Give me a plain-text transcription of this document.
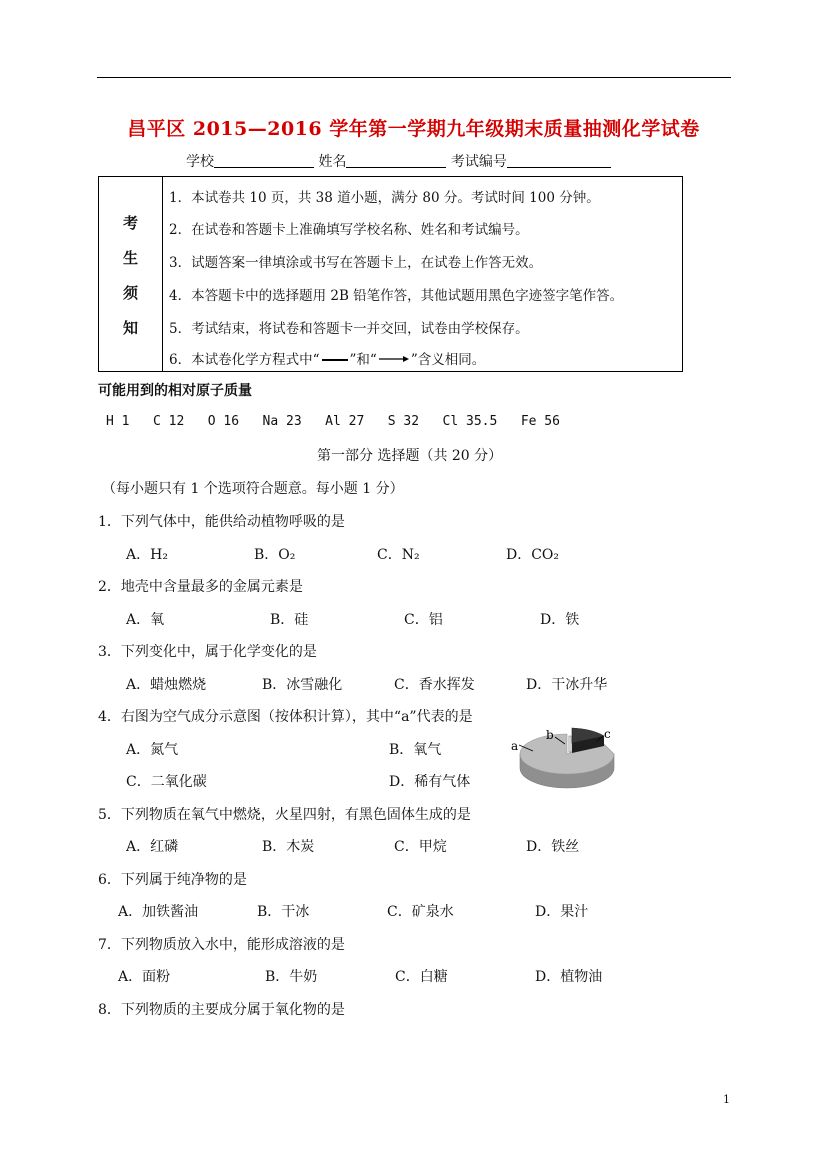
昌平区 2015—2016 学年第一学期九年级期末质量抽测化学试卷
学校	姓名	考试编号
考
生
须
知
1．本试卷共 10 页，共 38 道小题，满分 80 分。考试时间 100 分钟。
2．在试卷和答题卡上准确填写学校名称、姓名和考试编号。
3．试题答案一律填涂或书写在答题卡上，在试卷上作答无效。
4．本答题卡中的选择题用 2B 铅笔作答，其他试题用黑色字迹签字笔作答。
5．考试结束，将试卷和答题卡一并交回，试卷由学校保存。
6．本试卷化学方程式中“ ”和“	”含义相同。
可能用到的相对原子质量
H 1   C 12   O 16   Na 23   Al 27   S 32   Cl 35.5   Fe 56
第一部分 选择题（共 20 分）
（每小题只有 1 个选项符合题意。每小题 1 分）
1．下列气体中，能供给动植物呼吸的是
A．H₂	B．O₂	C．N₂	D．CO₂
2．地壳中含量最多的金属元素是
A．氧	B．硅	C．铝	D．铁
3．下列变化中，属于化学变化的是
A．蜡烛燃烧	B．冰雪融化	C．香水挥发	D．干冰升华
4．右图为空气成分示意图（按体积计算），其中“a”代表的是
A．氮气	B．氧气
C．二氧化碳	D．稀有气体
a
b	c
5．下列物质在氧气中燃烧，火星四射，有黑色固体生成的是
A．红磷	B．木炭	C．甲烷	D．铁丝
6．下列属于纯净物的是
A．加铁酱油	B．干冰	C．矿泉水	D．果汁
7．下列物质放入水中，能形成溶液的是
A．面粉	B．牛奶	C．白糖	D．植物油
8．下列物质的主要成分属于氧化物的是
1
